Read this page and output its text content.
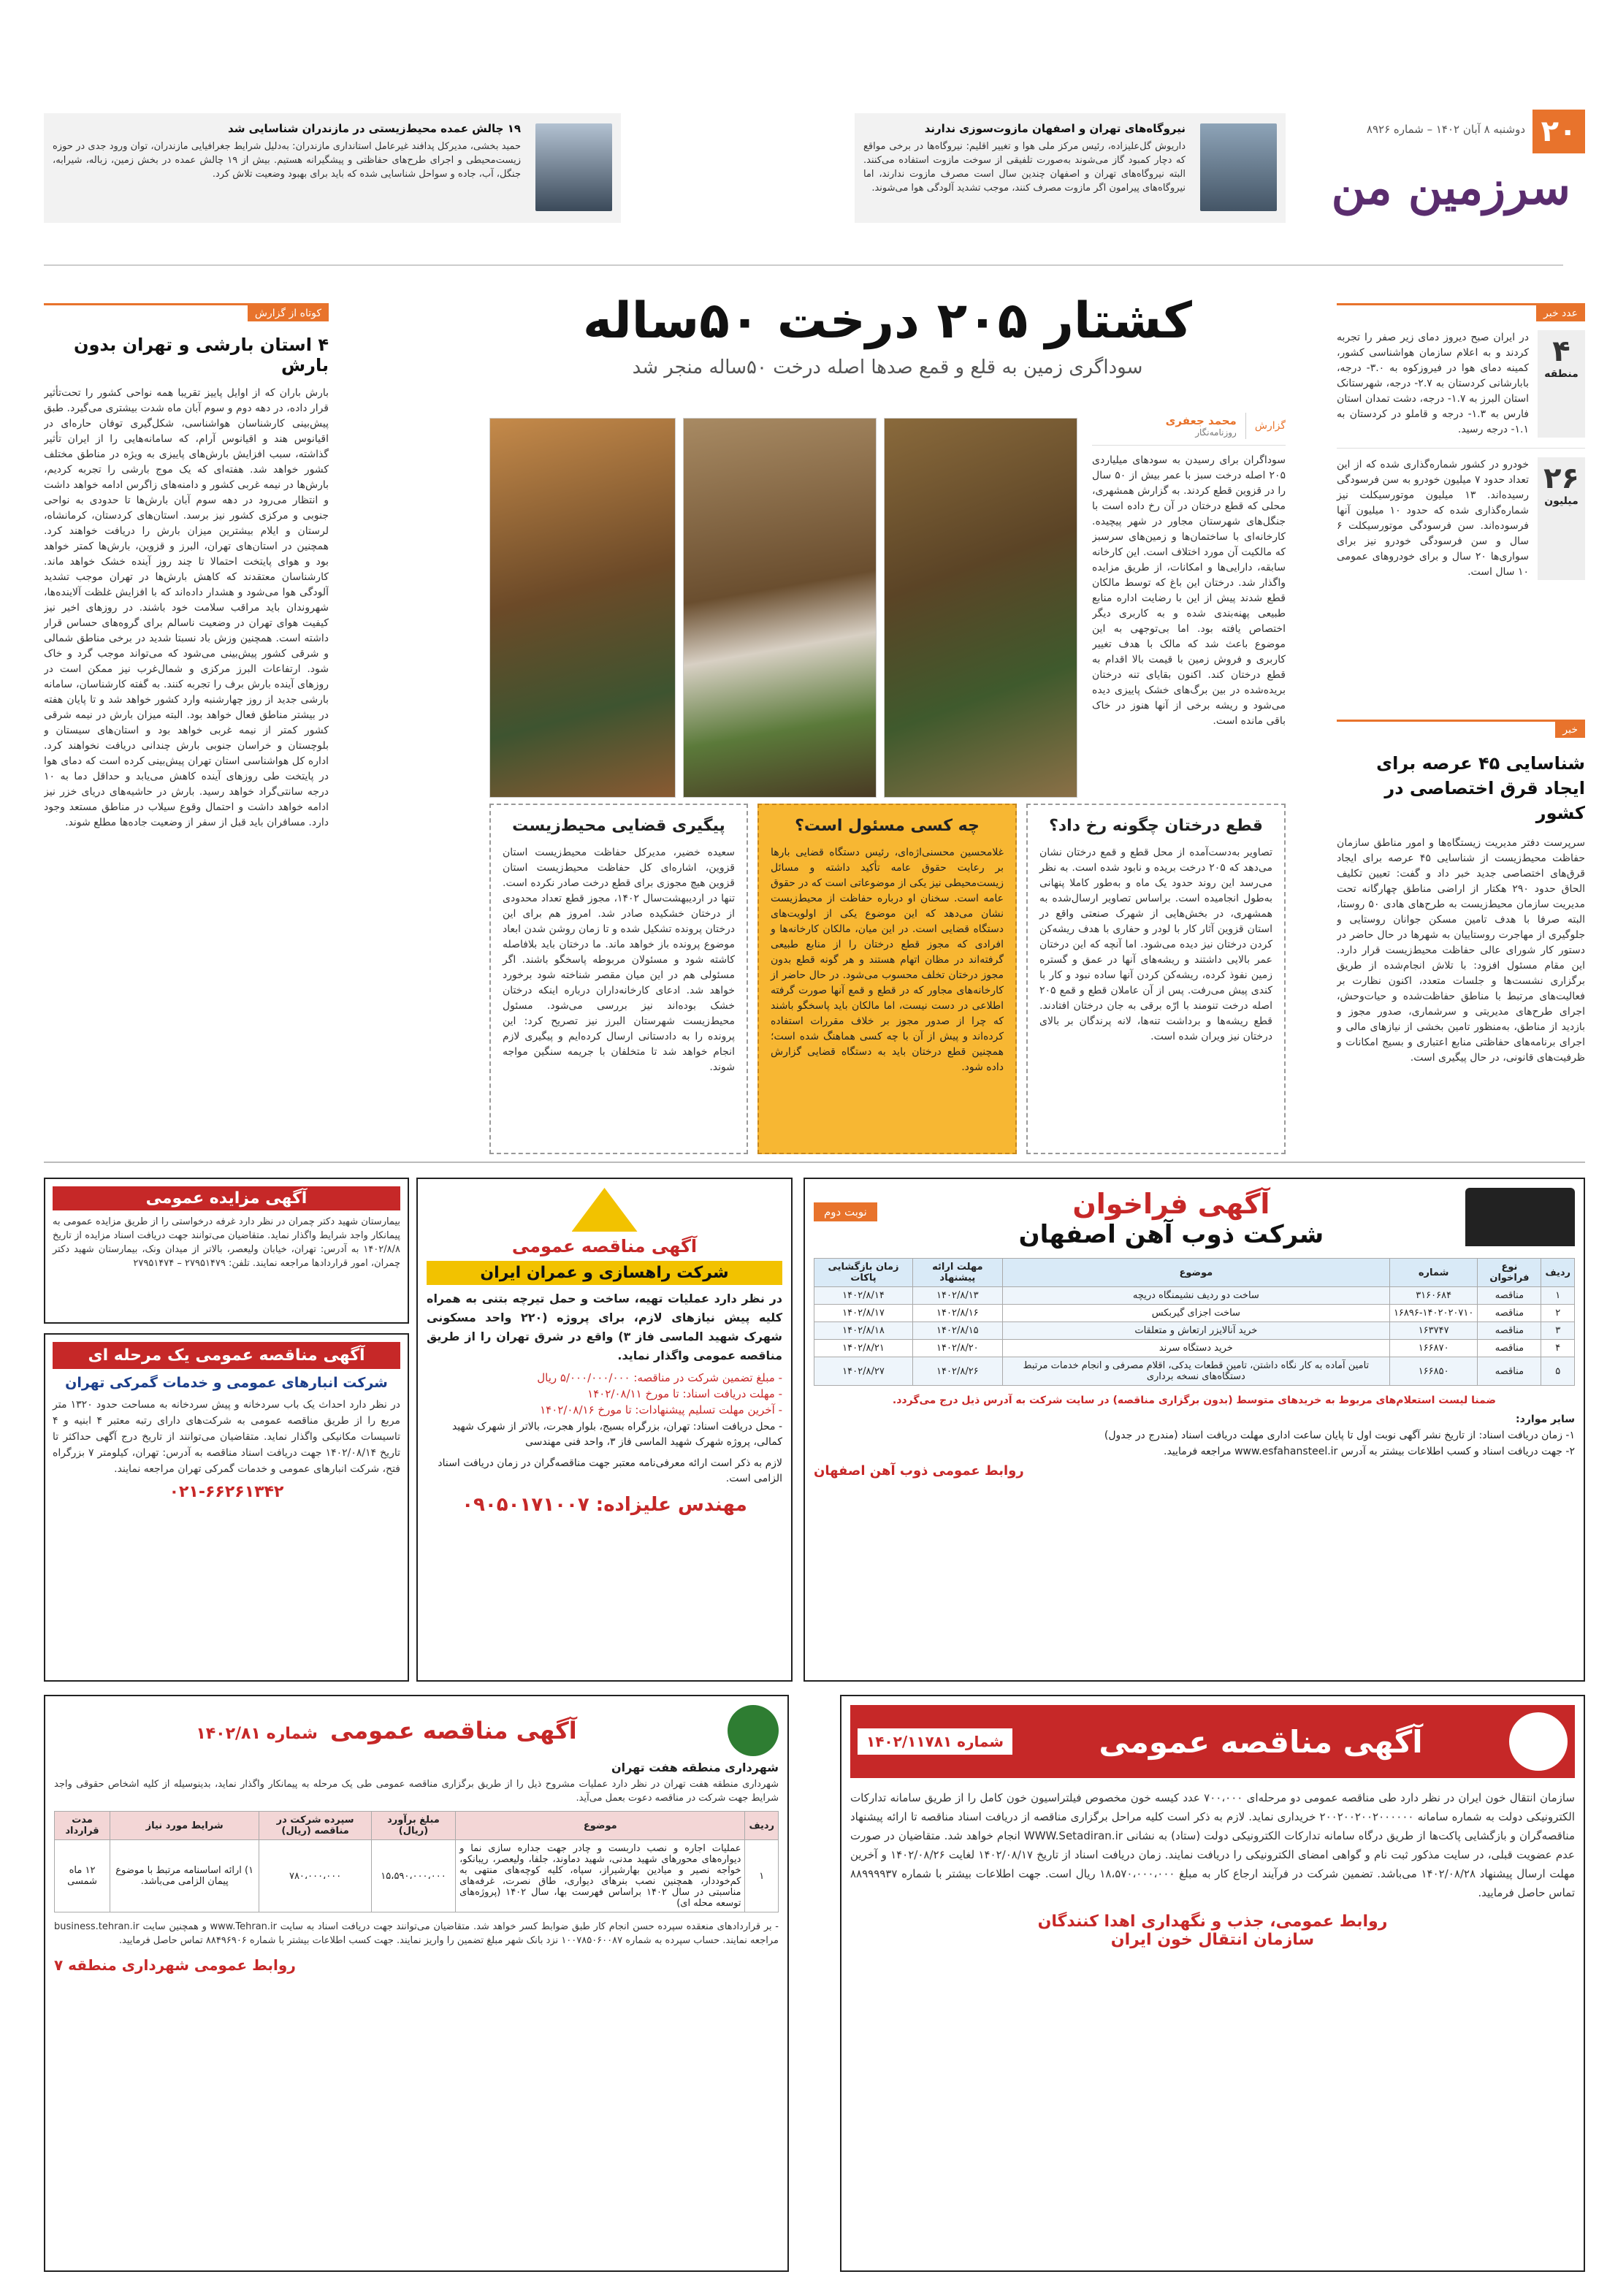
۲۰
دوشنبه ۸ آبان ۱۴۰۲ – شماره ۸۹۲۶
سرزمین من
نیروگاه‌های تهران و اصفهان مازوت‌سوزی ندارند
داریوش گل‌علیزاده، رئیس مرکز ملی هوا و تغییر اقلیم: نیروگاه‌ها در برخی مواقع که دچار کمبود گاز می‌شوند به‌صورت تلفیقی از سوخت مازوت استفاده می‌کنند. البته نیروگاه‌های تهران و اصفهان چندین سال است مصرف مازوت ندارند، اما نیروگاه‌های پیرامون اگر مازوت مصرف کنند، موجب تشدید آلودگی هوا می‌شوند.
۱۹ چالش عمده محیط‌زیستی در مازندران شناسایی شد
حمید بخشی، مدیرکل پدافند غیرعامل استانداری مازندران: به‌دلیل شرایط جغرافیایی مازندران، توان ورود جدی در حوزه زیست‌محیطی و اجرای طرح‌های حفاظتی و پیشگیرانه هستیم. بیش از ۱۹ چالش عمده در بخش زمین، زباله، شیرابه، جنگل، آب، جاده و سواحل شناسایی شده که باید برای بهبود وضعیت تلاش کرد.
عدد خبر
۴
منطقه
در ایران صبح دیروز دمای زیر صفر را تجربه کردند و به اعلام سازمان هواشناسی کشور، کمینه دمای هوا در فیروزکوه به ۳.۰- درجه، بابارشانی کردستان به ۲.۷- درجه، شهرستانک استان البرز به ۱.۷- درجه، دشت تمدان استان فارس به ۱.۳- درجه و قاملو در کردستان به ۱.۱- درجه رسید.
۲۶
میلیون
خودرو در کشور شماره‌گذاری شده که از این تعداد حدود ۷ میلیون خودرو به سن فرسودگی رسیده‌اند. ۱۳ میلیون موتورسیکلت نیز شماره‌گذاری شده که حدود ۱۰ میلیون آنها فرسوده‌اند. سن فرسودگی موتورسیکلت ۶ سال و سن فرسودگی خودرو نیز برای سواری‌ها ۲۰ سال و برای خودروهای عمومی ۱۰ سال است.
خبر
شناسایی ۴۵ عرصه برای ایجاد قرق اختصاصی در کشور
سرپرست دفتر مدیریت زیستگاه‌ها و امور مناطق سازمان حفاظت محیط‌زیست از شناسایی ۴۵ عرصه برای ایجاد قرق‌های اختصاصی جدید خبر داد و گفت: تعیین تکلیف الحاق حدود ۲۹۰ هکتار از اراضی مناطق چهارگانه تحت مدیریت سازمان محیط‌زیست به طرح‌های هادی ۵۰ روستا، البته صرفا با هدف تامین مسکن جوانان روستایی و جلوگیری از مهاجرت روستاییان به شهرها در حال حاضر در دستور کار شورای عالی حفاظت محیط‌زیست قرار دارد. این مقام مسئول افزود: با تلاش انجام‌شده از طریق برگزاری نشست‌ها و جلسات متعدد، اکنون نظارت بر فعالیت‌های مرتبط با مناطق حفاظت‌شده و حیات‌وحش، اجرای طرح‌های مدیریتی و سرشماری، صدور مجوز و بازدید از مناطق، به‌منظور تامین بخشی از نیازهای مالی و اجرای برنامه‌های حفاظتی منابع اعتباری و بسیج امکانات و ظرفیت‌های قانونی، در حال پیگیری است.
کشتار ۲۰۵ درخت ۵۰ساله
سوداگری زمین به قلع و قمع صدها اصله درخت ۵۰ساله منجر شد
گزارش
محمد جعفری
روزنامه‌نگار
سوداگران برای رسیدن به سودهای میلیاردی ۲۰۵ اصله درخت سبز با عمر بیش از ۵۰ سال را در قزوین قطع کردند. به گزارش همشهری، محلی که قطع درختان در آن رخ داده است با جنگل‌های شهرستان مجاور در شهر پیچیده. کارخانه‌ای با ساختمان‌ها و زمین‌های سرسبز که مالکیت آن مورد اختلاف است. این کارخانه سابقه، دارایی‌ها و امکانات، از طریق مزایده واگذار شد. درختان این باغ که توسط مالکان قطع شدند پیش از این با رضایت اداره منابع طبیعی پهنه‌بندی شده و به کاربری دیگر اختصاص یافته بود. اما بی‌توجهی به این موضوع باعث شد که مالک با هدف تغییر کاربری و فروش زمین با قیمت بالا اقدام به قطع درختان کند. اکنون بقایای تنه درختان بریده‌شده در بین برگ‌های خشک پاییزی دیده می‌شود و ریشه برخی از آنها هنوز در خاک باقی مانده است.
قطع درختان چگونه رخ داد؟
تصاویر به‌دست‌آمده از محل قطع و قمع درختان نشان می‌دهد که ۲۰۵ درخت بریده و نابود شده است. به نظر می‌رسد این روند حدود یک ماه و به‌طور کاملا پنهانی به‌طول انجامیده است. براساس تصاویر ارسال‌شده به همشهری، در بخش‌هایی از شهرک صنعتی واقع در استان قزوین آثار کار با لودر و حفاری با هدف ریشه‌کن کردن درختان نیز دیده می‌شود. اما آنچه که این درختان عمر بالایی داشتند و ریشه‌های آنها در عمق و گستره زمین نفوذ کرده، ریشه‌کن کردن آنها ساده نبود و کار با کندی پیش می‌رفت. پس از آن عاملان قطع و قمع ۲۰۵ اصله درخت تنومند با ارّه برقی به جان درختان افتادند. قطع ریشه‌ها و برداشت تنه‌ها، لانه پرندگان بر بالای درختان نیز ویران شده است.
چه کسی مسئول است؟
غلامحسین محسنی‌اژه‌ای، رئیس دستگاه قضایی بارها بر رعایت حقوق عامه تأکید داشته و مسائل زیست‌محیطی نیز یکی از موضوعاتی است که در حقوق عامه است. سخنان او درباره حفاظت از محیط‌زیست نشان می‌دهد که این موضوع یکی از اولویت‌های دستگاه قضایی است. در این میان، مالکان کارخانه‌ها و افرادی که مجوز قطع درختان را از منابع طبیعی گرفته‌اند در مظان اتهام هستند و هر گونه قطع بدون مجوز درختان تخلف محسوب می‌شود. در حال حاضر از کارخانه‌های مجاور که در قطع و قمع آنها صورت گرفته اطلاعی در دست نیست، اما مالکان باید پاسخگو باشند که چرا از صدور مجوز بر خلاف مقررات استفاده کرده‌اند و پیش از آن با چه کسی هماهنگ شده است؛ همچنین قطع درختان باید به دستگاه قضایی گزارش داده شود.
پیگیری قضایی محیط‌زیست
سعیده خضیر، مدیرکل حفاظت محیط‌زیست استان قزوین، اشاره‌ای کل حفاظت محیط‌زیست استان قزوین هیچ مجوزی برای قطع درخت صادر نکرده است. تنها در اردیبهشت‌سال ۱۴۰۲، مجوز قطع تعداد محدودی از درختان خشکیده صادر شد. امروز هم برای این درختان پرونده تشکیل شده و تا زمان روشن شدن ابعاد موضوع پرونده باز خواهد ماند. ما درختان باید بلافاصله کاشته شود و مسئولان مربوطه پاسخگو باشند. اگر مسئولی هم در این میان مقصر شناخته شود برخورد خواهد شد. ادعای کارخانه‌داران درباره اینکه درختان خشک بوده‌اند نیز بررسی می‌شود. مسئول محیط‌زیست شهرستان البرز نیز تصریح کرد: این پرونده را به دادستانی ارسال کرده‌ایم و پیگیری لازم انجام خواهد شد تا متخلفان با جریمه سنگین مواجه شوند.
کوتاه از گزارش
۴ استان بارشی و تهران بدون بارش
بارش باران که از اوایل پاییز تقریبا همه نواحی کشور را تحت‌تأثیر قرار داده، در دهه دوم و سوم آبان ماه شدت بیشتری می‌گیرد. طبق پیش‌بینی کارشناسان هواشناسی، شکل‌گیری توفان حاره‌ای در اقیانوس هند و اقیانوس آرام، که سامانه‌هایی را از ایران تأثیر گذاشته، سبب افزایش بارش‌های پاییزی به ویژه در مناطق مختلف کشور خواهد شد. هفته‌ای که یک موج بارشی را تجربه کردیم، بارش‌ها در نیمه غربی کشور و دامنه‌های زاگرس ادامه خواهد داشت و انتظار می‌رود در دهه سوم آبان بارش‌ها تا حدودی به نواحی جنوبی و مرکزی کشور نیز برسد. استان‌های کردستان، کرمانشاه، لرستان و ایلام بیشترین میزان بارش را دریافت خواهند کرد. همچنین در استان‌های تهران، البرز و قزوین، بارش‌ها کمتر خواهد بود و هوای پایتخت احتمالا تا چند روز آینده خشک خواهد ماند. کارشناسان معتقدند که کاهش بارش‌ها در تهران موجب تشدید آلودگی هوا می‌شود و هشدار داده‌اند که با افزایش غلظت آلاینده‌ها، شهروندان باید مراقب سلامت خود باشند. در روزهای اخیر نیز کیفیت هوای تهران در وضعیت ناسالم برای گروه‌های حساس قرار داشته است. همچنین وزش باد نسبتا شدید در برخی مناطق شمالی و شرقی کشور پیش‌بینی می‌شود که می‌تواند موجب گرد و خاک شود. ارتفاعات البرز مرکزی و شمال‌غرب نیز ممکن است در روزهای آینده بارش برف را تجربه کنند. به گفته کارشناسان، سامانه بارشی جدید از روز چهارشنبه وارد کشور خواهد شد و تا پایان هفته در بیشتر مناطق فعال خواهد بود. البته میزان بارش در نیمه شرقی کشور کمتر از نیمه غربی خواهد بود و استان‌های سیستان و بلوچستان و خراسان جنوبی بارش چندانی دریافت نخواهند کرد. اداره کل هواشناسی استان تهران پیش‌بینی کرده است که دمای هوا در پایتخت طی روزهای آینده کاهش می‌یابد و حداقل دما به ۱۰ درجه سانتی‌گراد خواهد رسید. بارش در حاشیه‌های دریای خزر نیز ادامه خواهد داشت و احتمال وقوع سیلاب در مناطق مستعد وجود دارد. مسافران باید قبل از سفر از وضعیت جاده‌ها مطلع شوند.
آگهی فراخوان
شرکت ذوب آهن اصفهان
نوبت دوم
ردیف	نوع فراخوان	شماره	موضوع	مهلت ارائه پیشنهاد	زمان بازگشایی پاکات
۱	مناقصه	۳۱۶۰۶۸۴	ساخت دو ردیف نشیمنگاه دریچه	۱۴۰۲/۸/۱۳	۱۴۰۲/۸/۱۴
۲	مناقصه	۱۶۸۹۶-۱۴۰۲۰۲۰۷۱۰	ساخت اجزای گیربکس	۱۴۰۲/۸/۱۶	۱۴۰۲/۸/۱۷
۳	مناقصه	۱۶۳۷۴۷	خرید آنالایزر ارتعاش و متعلقات	۱۴۰۲/۸/۱۵	۱۴۰۲/۸/۱۸
۴	مناقصه	۱۶۶۸۷۰	خرید دستگاه سرند	۱۴۰۲/۸/۲۰	۱۴۰۲/۸/۲۱
۵	مناقصه	۱۶۶۸۵۰	تامین آماده به کار نگاه داشتن، تامین قطعات یدکی، اقلام مصرفی و انجام خدمات مرتبط دستگاه‌های نسخه برداری	۱۴۰۲/۸/۲۶	۱۴۰۲/۸/۲۷
ضمنا لیست استعلام‌های مربوط به خریدهای متوسط (بدون برگزاری مناقصه) در سایت شرکت به آدرس ذیل درج می‌گردد.
سایر موارد:
۱- زمان دریافت اسناد: از تاریخ نشر آگهی نوبت اول تا پایان ساعت اداری مهلت دریافت اسناد (مندرج در جدول)
۲- جهت دریافت اسناد و کسب اطلاعات بیشتر به آدرس www.esfahansteel.ir مراجعه فرمایید.
روابط عمومی ذوب آهن اصفهان
آگهی مناقصه عمومی
شرکت راهسازی و عمران ایران
در نظر دارد عملیات تهیه، ساخت و حمل تیرچه بتنی به همراه کلیه پیش نیازهای لازم، برای پروژه (۲۲۰ واحد مسکونی شهرک شهید الماسی فاز ۳) واقع در شرق تهران را از طریق مناقصه عمومی واگذار نماید.
- مبلغ تضمین شرکت در مناقصه: ۵/۰۰۰/۰۰۰/۰۰۰ ریال
- مهلت دریافت اسناد: تا مورخ ۱۴۰۲/۰۸/۱۱
- آخرین مهلت تسلیم پیشنهادات: تا مورخ ۱۴۰۲/۰۸/۱۶
- محل دریافت اسناد: تهران، بزرگراه بسیج، بلوار هجرت، بالاتر از شهرک شهید کمالی، پروژه شهرک شهید الماسی فاز ۳، واحد فنی مهندسی
لازم به ذکر است ارائه معرفی‌نامه معتبر جهت مناقصه‌گران در زمان دریافت اسناد الزامی است.
مهندس علیزاده: ۰۹۰۵۰۱۷۱۰۰۷
آگهی مزایده عمومی
بیمارستان شهید دکتر چمران در نظر دارد غرفه درخواستی را از طریق مزایده عمومی به پیمانکار واجد شرایط واگذار نماید. متقاضیان می‌توانند جهت دریافت اسناد مزایده از تاریخ ۱۴۰۲/۸/۸ به آدرس: تهران، خیابان ولیعصر، بالاتر از میدان ونک، بیمارستان شهید دکتر چمران، امور قراردادها مراجعه نمایند. تلفن: ۲۷۹۵۱۴۷۹ – ۲۷۹۵۱۴۷۴
آگهی مناقصه عمومی یک مرحله ای
شرکت انبارهای عمومی و خدمات گمرکی تهران
در نظر دارد احداث یک باب سردخانه و پیش سردخانه به مساحت حدود ۱۳۲۰ متر مربع را از طریق مناقصه عمومی به شرکت‌های دارای رتبه معتبر ۴ ابنیه و ۴ تاسیسات مکانیکی واگذار نماید. متقاضیان می‌توانند از تاریخ درج آگهی حداکثر تا تاریخ ۱۴۰۲/۰۸/۱۴ جهت دریافت اسناد مناقصه به آدرس: تهران، کیلومتر ۷ بزرگراه فتح، شرکت انبارهای عمومی و خدمات گمرکی تهران مراجعه نمایند.
۰۲۱-۶۶۲۶۱۳۴۲
آگهی مناقصه عمومی
شماره ۱۴۰۲/۱۱۷۸۱
سازمان انتقال خون ایران در نظر دارد طی مناقصه عمومی دو مرحله‌ای ۷۰۰،۰۰۰ عدد کیسه خون مخصوص فیلتراسیون خون کامل را از طریق سامانه تدارکات الکترونیکی دولت به شماره سامانه ۲۰۰۲۰۰۲۰۰۲۰۰۰۰۰۰ خریداری نماید. لازم به ذکر است کلیه مراحل برگزاری مناقصه از دریافت اسناد مناقصه تا ارائه پیشنهاد مناقصه‌گران و بازگشایی پاکت‌ها از طریق درگاه سامانه تدارکات الکترونیکی دولت (ستاد) به نشانی WWW.Setadiran.ir انجام خواهد شد. متقاضیان در صورت عدم عضویت قبلی، در سایت مذکور ثبت نام و گواهی امضای الکترونیکی را دریافت نمایند. زمان دریافت اسناد از تاریخ ۱۴۰۲/۰۸/۱۷ لغایت ۱۴۰۲/۰۸/۲۶ و آخرین مهلت ارسال پیشنهاد ۱۴۰۲/۰۸/۲۸ می‌باشد. تضمین شرکت در فرآیند ارجاع کار به مبلغ ۱۸،۵۷۰،۰۰۰،۰۰۰ ریال است. جهت اطلاعات بیشتر با شماره ۸۸۹۹۹۹۳۷ تماس حاصل فرمایید.
روابط عمومی، جذب و نگهداری اهدا کنندگان
سازمان انتقال خون ایران
آگهی مناقصه عمومی شماره ۱۴۰۲/۸۱
شهرداری منطقه هفت تهران
شهرداری منطقه هفت تهران در نظر دارد عملیات مشروح ذیل را از طریق برگزاری مناقصه عمومی طی یک مرحله به پیمانکار واگذار نماید، بدینوسیله از کلیه اشخاص حقوقی واجد شرایط جهت شرکت در مناقصه دعوت بعمل می‌آید.
ردیف	موضوع	مبلغ برآورد (ریال)	سپرده شرکت در مناقصه (ریال)	شرایط مورد نیاز	مدت قرارداد
۱	عملیات اجاره و نصب داربست و چادر جهت جداره سازی نما و دیواره‌های محورهای شهید مدنی، شهید دماوند، جلفا، ولیعصر، ریبانکو، خواجه نصیر و میادین بهارشیراز، سپاه، کلیه کوچه‌های منتهی به کم‌خوددار، همچنین نصب بنرهای دیواری، طاق نصرت، غرفه‌های مناسبتی در سال ۱۴۰۲ براساس فهرست بها، سال ۱۴۰۲ (پروژه‌های توسعه محله ای)	۱۵،۵۹۰،۰۰۰،۰۰۰	۷۸۰،۰۰۰،۰۰۰	۱) ارائه اساسنامه مرتبط با موضوع پیمان الزامی می‌باشد.	۱۲ ماه شمسی
- بر قراردادهای منعقده سپرده حسن انجام کار طبق ضوابط کسر خواهد شد. متقاضیان می‌توانند جهت دریافت اسناد به سایت www.Tehran.ir و همچنین سایت business.tehran.ir مراجعه نمایند. حساب سپرده به شماره ۱۰۰۷۸۵۰۶۰۰۸۷ نزد بانک شهر مبلغ تضمین را واریز نمایند. جهت کسب اطلاعات بیشتر با شماره ۸۸۴۹۶۹۰۶ تماس حاصل فرمایید.
روابط عمومی شهرداری منطقه ۷
